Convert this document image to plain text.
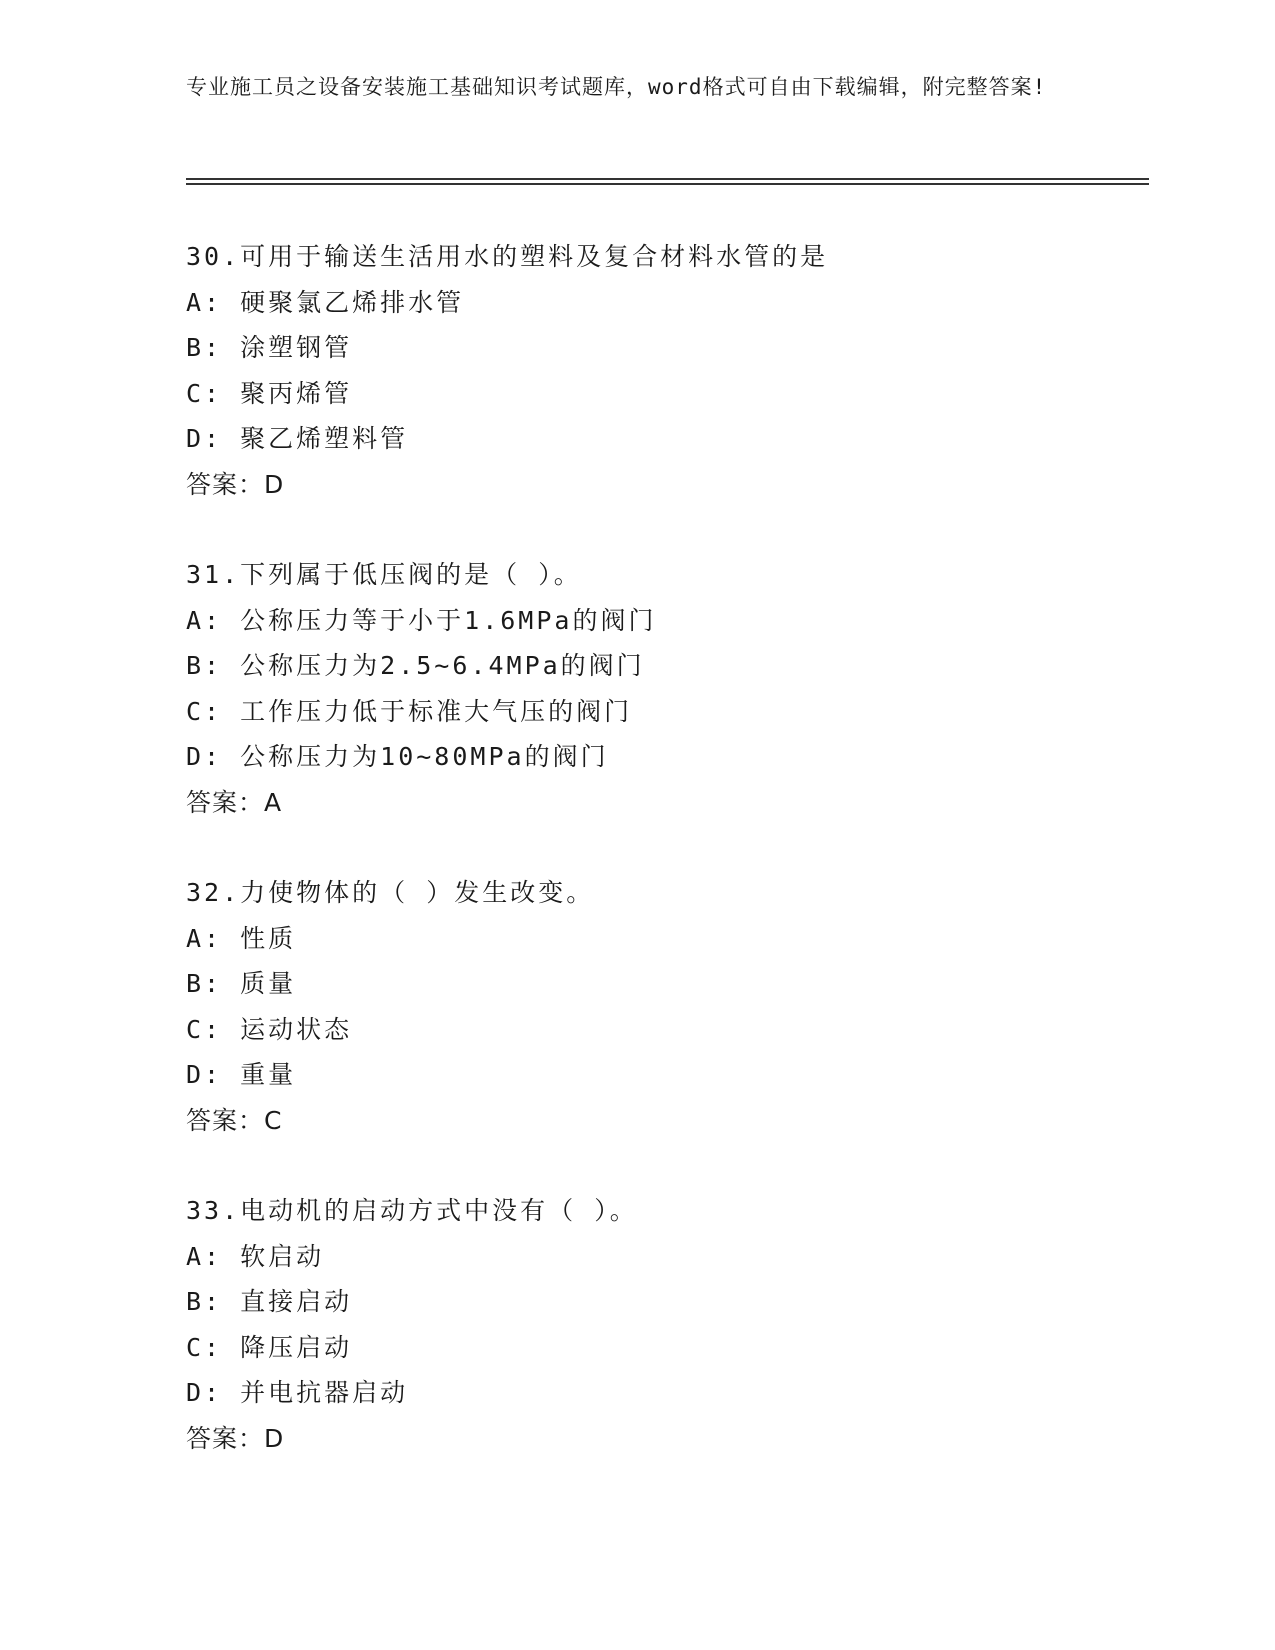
专业施工员之设备安装施工基础知识考试题库，word格式可自由下载编辑，附完整答案!
30.可用于输送生活用水的塑料及复合材料水管的是
A: 硬聚氯乙烯排水管
B: 涂塑钢管
C: 聚丙烯管
D: 聚乙烯塑料管
答案：D
31.下列属于低压阀的是（ ）。
A: 公称压力等于小于1.6MPa的阀门
B: 公称压力为2.5~6.4MPa的阀门
C: 工作压力低于标准大气压的阀门
D: 公称压力为10~80MPa的阀门
答案：A
32.力使物体的（ ）发生改变。
A: 性质
B: 质量
C: 运动状态
D: 重量
答案：C
33.电动机的启动方式中没有（ ）。
A: 软启动
B: 直接启动
C: 降压启动
D: 并电抗器启动
答案：D
